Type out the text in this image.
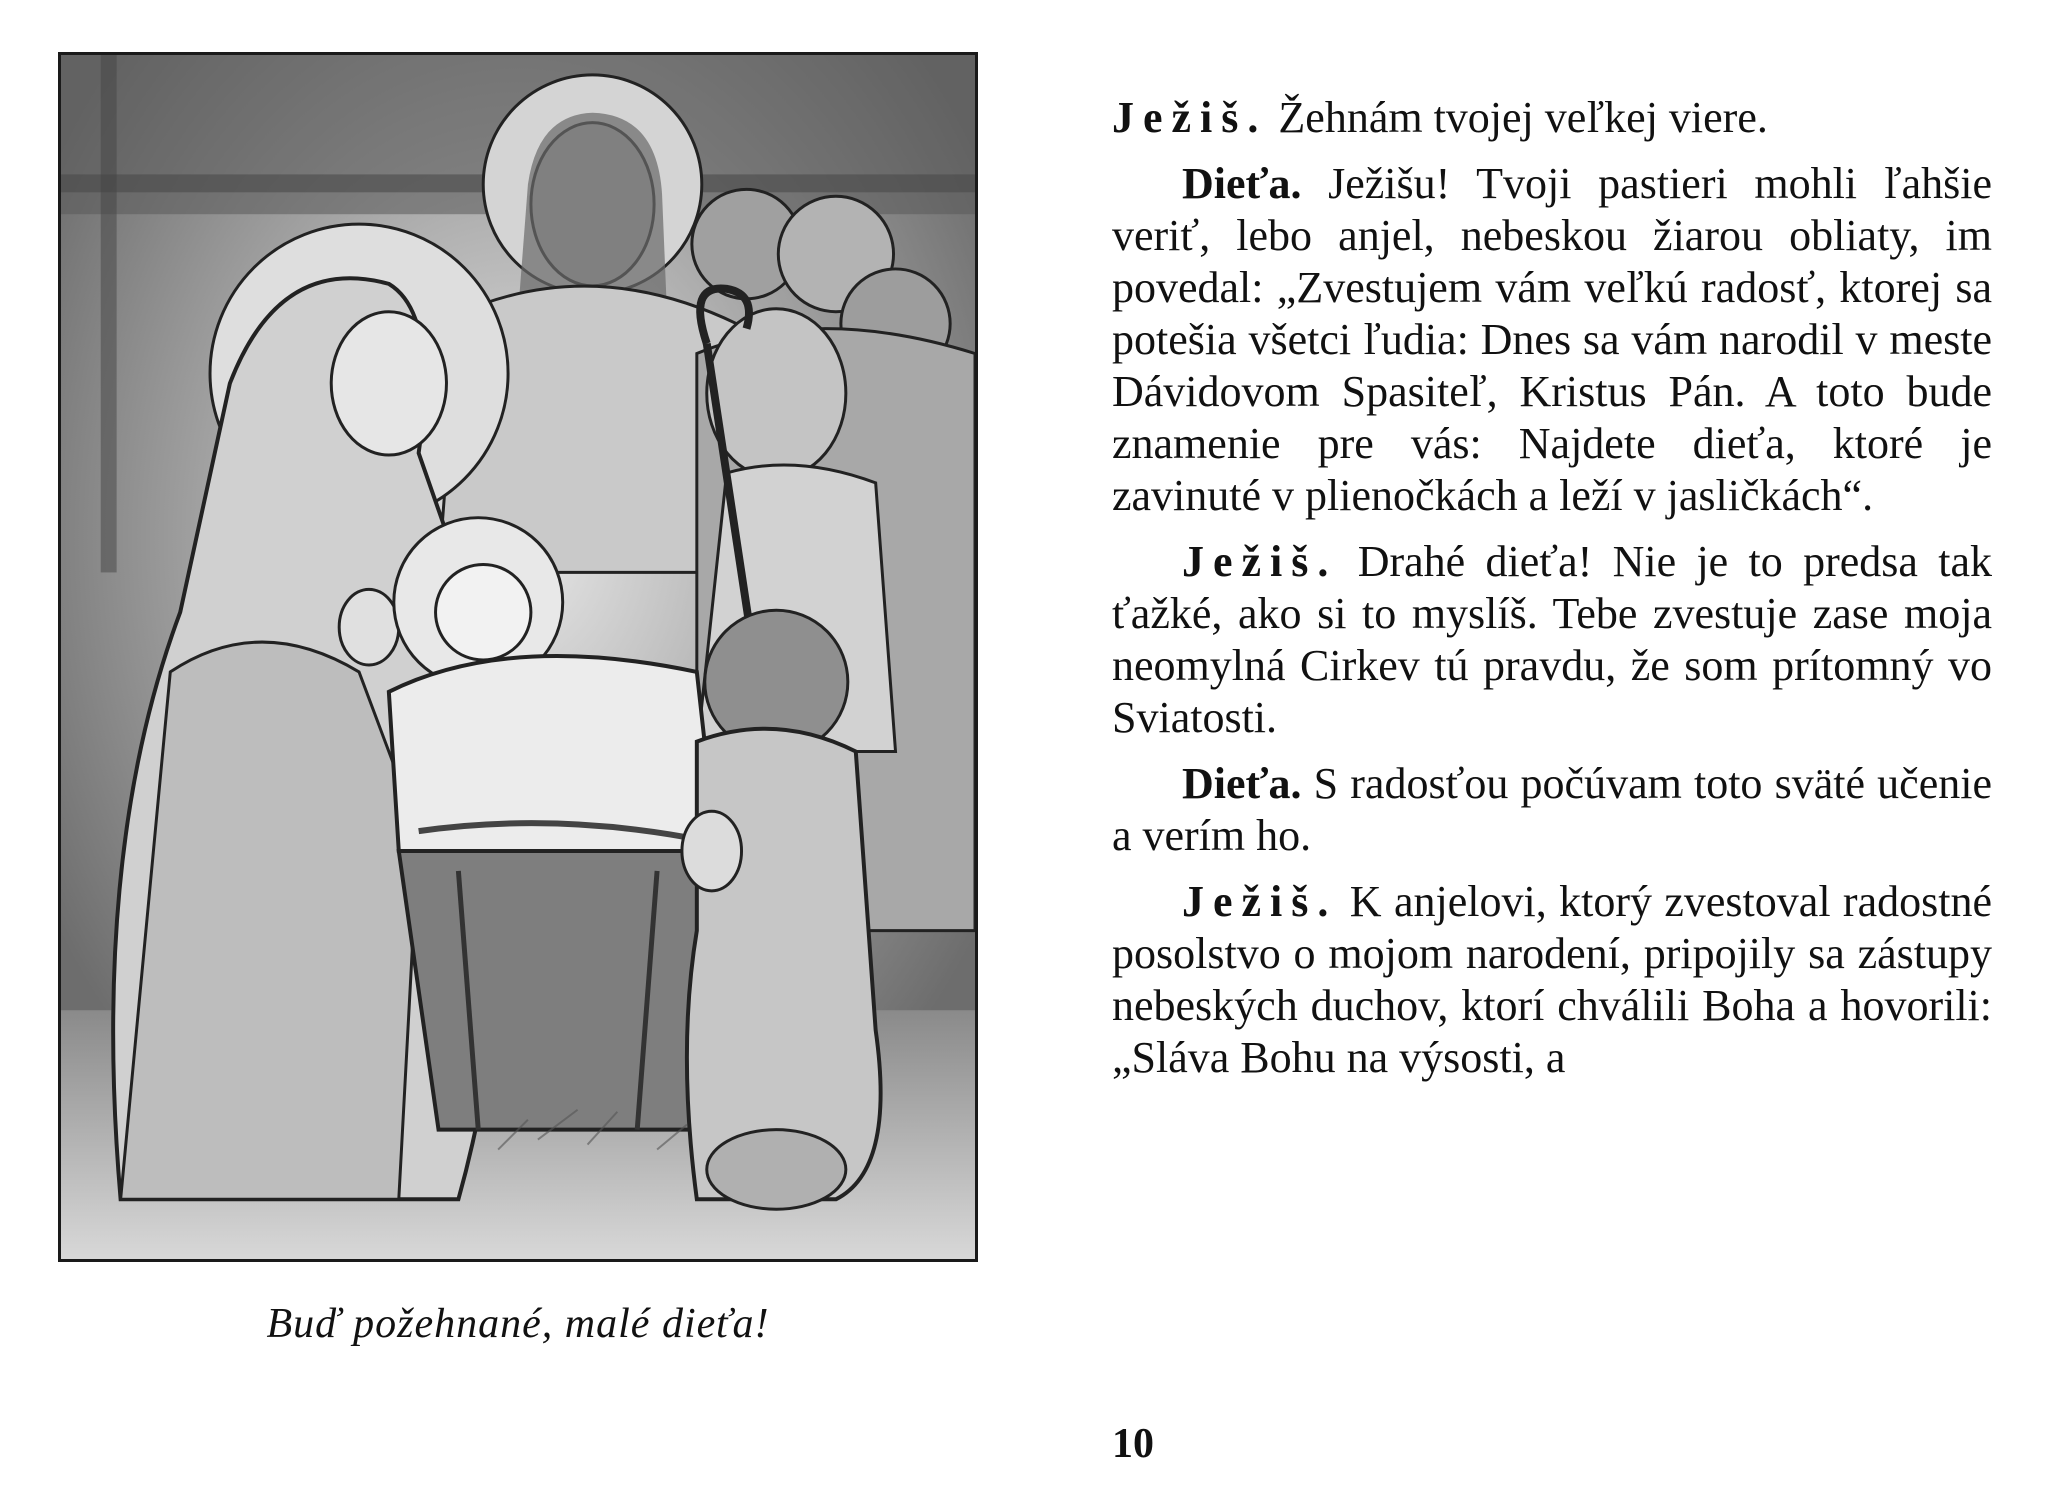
Buď požehnané, malé dieťa!

Ježiš. Žehnám tvojej veľkej viere.

Dieťa. Ježišu! Tvoji pastieri mohli ľahšie veriť, lebo anjel, nebeskou žiarou obliaty, im povedal: „Zvestujem vám veľkú radosť, ktorej sa potešia všetci ľudia: Dnes sa vám narodil v meste Dávidovom Spasiteľ, Kristus Pán. A toto bude znamenie pre vás: Najdete dieťa, ktoré je zavinuté v plienočkách a leží v jasličkách“.

Ježiš. Drahé dieťa! Nie je to predsa tak ťažké, ako si to myslíš. Tebe zvestuje zase moja neomylná Cirkev tú pravdu, že som prítomný vo Sviatosti.

Dieťa. S radosťou počúvam toto sväté učenie a verím ho.

Ježiš. K anjelovi, ktorý zvestoval radostné posolstvo o mojom narodení, pripojily sa zástupy nebeských duchov, ktorí chválili Boha a hovorili: „Sláva Bohu na výsosti, a

10
